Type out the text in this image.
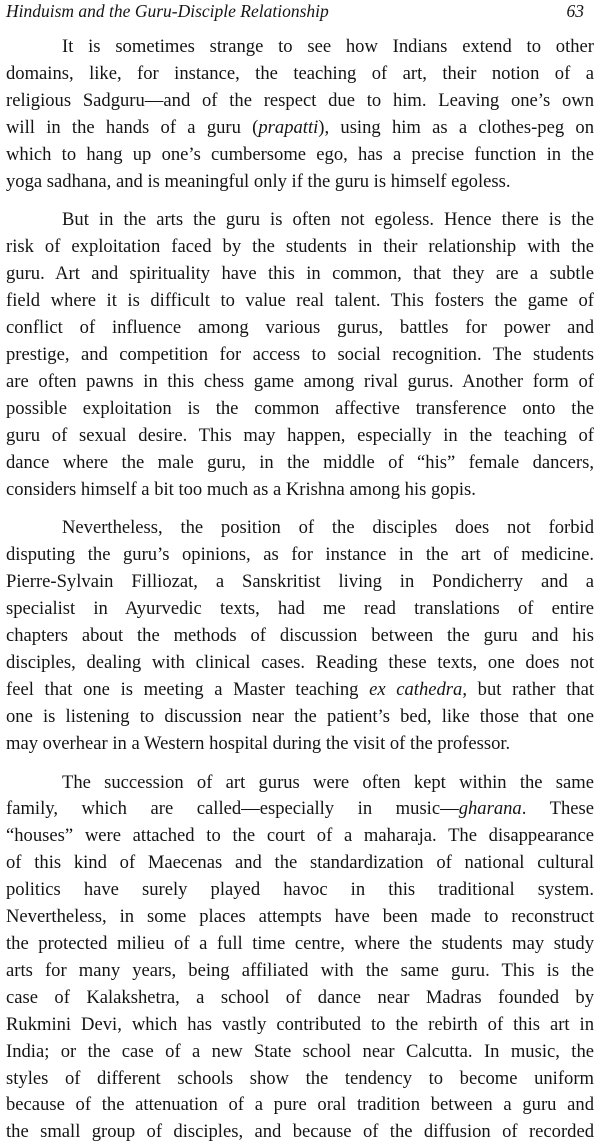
Hinduism and the Guru-Disciple Relationship	63

It is sometimes strange to see how Indians extend to other
domains, like, for instance, the teaching of art, their notion of a
religious Sadguru—and of the respect due to him. Leaving one’s own
will in the hands of a guru (prapatti), using him as a clothes-peg on
which to hang up one’s cumbersome ego, has a precise function in the
yoga sadhana, and is meaningful only if the guru is himself egoless.

But in the arts the guru is often not egoless. Hence there is the
risk of exploitation faced by the students in their relationship with the
guru. Art and spirituality have this in common, that they are a subtle
field where it is difficult to value real talent. This fosters the game of
conflict of influence among various gurus, battles for power and
prestige, and competition for access to social recognition. The students
are often pawns in this chess game among rival gurus. Another form of
possible exploitation is the common affective transference onto the
guru of sexual desire. This may happen, especially in the teaching of
dance where the male guru, in the middle of “his” female dancers,
considers himself a bit too much as a Krishna among his gopis.

Nevertheless, the position of the disciples does not forbid
disputing the guru’s opinions, as for instance in the art of medicine.
Pierre-Sylvain Filliozat, a Sanskritist living in Pondicherry and a
specialist in Ayurvedic texts, had me read translations of entire
chapters about the methods of discussion between the guru and his
disciples, dealing with clinical cases. Reading these texts, one does not
feel that one is meeting a Master teaching ex cathedra, but rather that
one is listening to discussion near the patient’s bed, like those that one
may overhear in a Western hospital during the visit of the professor.

The succession of art gurus were often kept within the same
family, which are called—especially in music—gharana. These
“houses” were attached to the court of a maharaja. The disappearance
of this kind of Maecenas and the standardization of national cultural
politics have surely played havoc in this traditional system.
Nevertheless, in some places attempts have been made to reconstruct
the protected milieu of a full time centre, where the students may study
arts for many years, being affiliated with the same guru. This is the
case of Kalakshetra, a school of dance near Madras founded by
Rukmini Devi, which has vastly contributed to the rebirth of this art in
India; or the case of a new State school near Calcutta. In music, the
styles of different schools show the tendency to become uniform
because of the attenuation of a pure oral tradition between a guru and
the small group of disciples, and because of the diffusion of recorded
